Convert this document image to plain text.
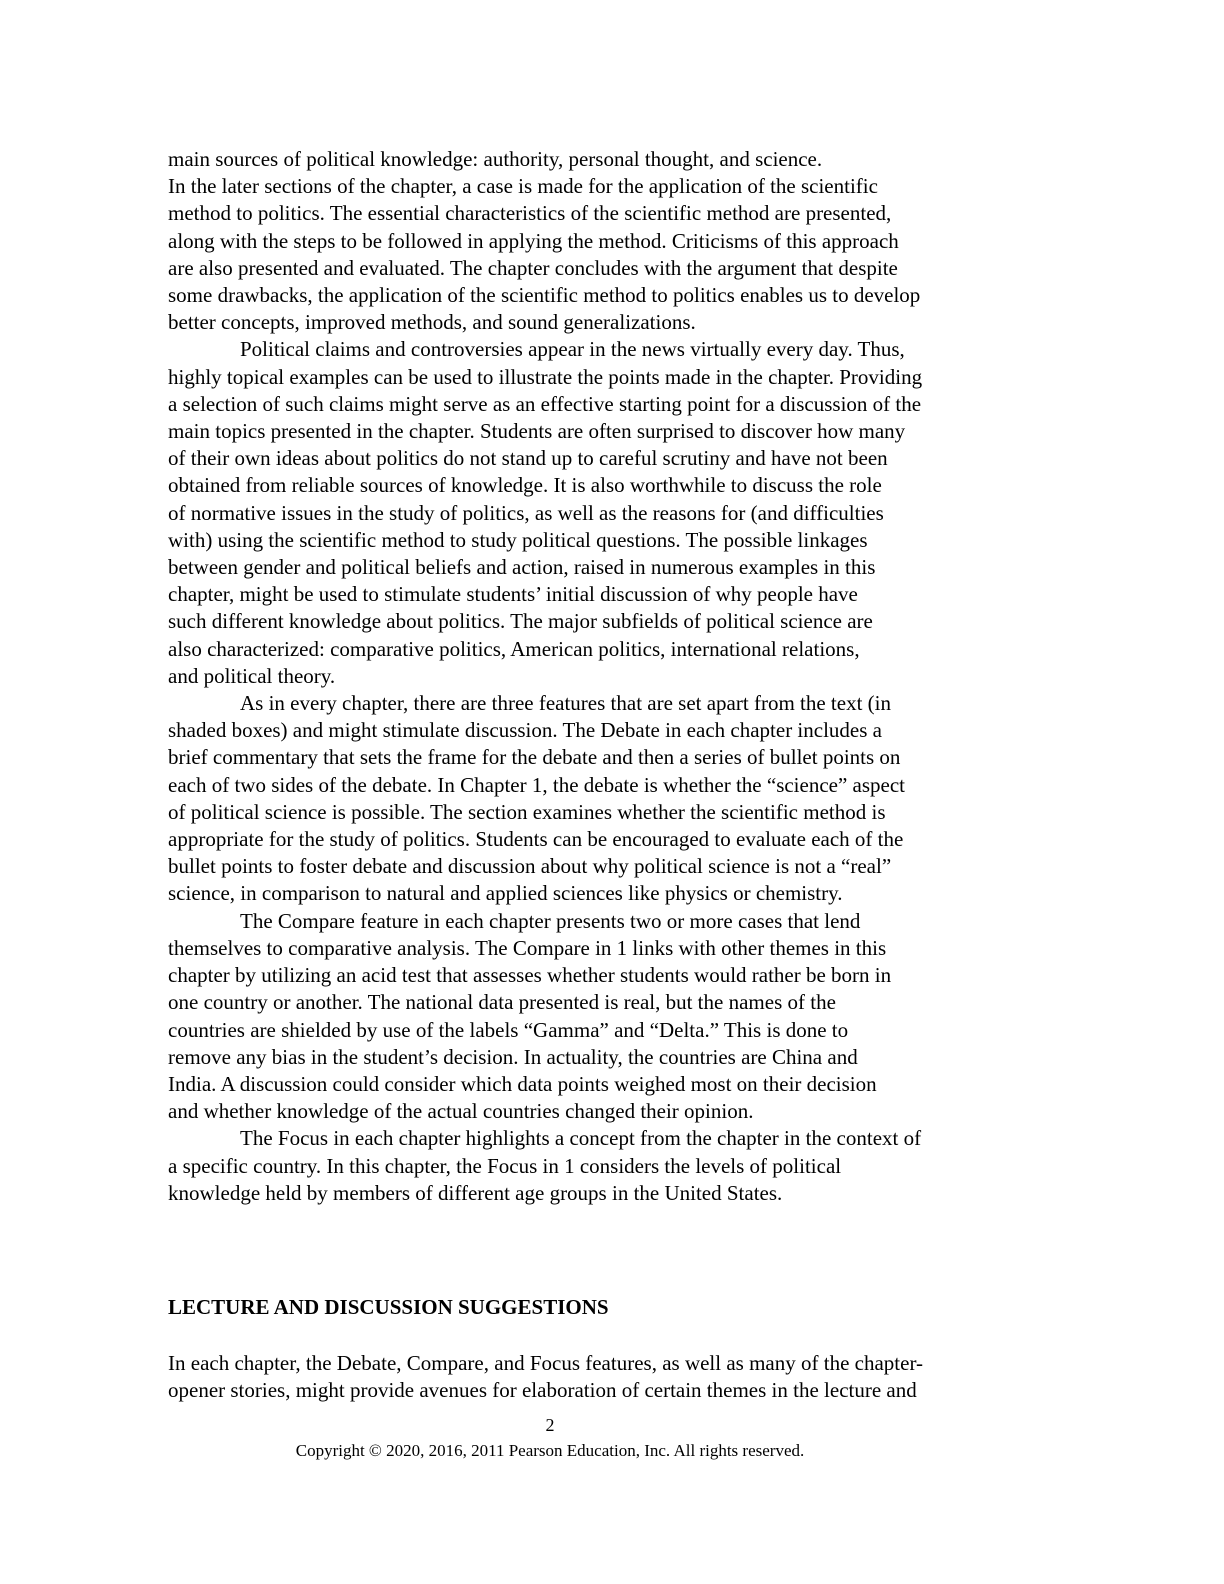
main sources of political knowledge: authority, personal thought, and science.
In the later sections of the chapter, a case is made for the application of the scientific
method to politics. The essential characteristics of the scientific method are presented,
along with the steps to be followed in applying the method. Criticisms of this approach
are also presented and evaluated. The chapter concludes with the argument that despite
some drawbacks, the application of the scientific method to politics enables us to develop
better concepts, improved methods, and sound generalizations.
Political claims and controversies appear in the news virtually every day. Thus,
highly topical examples can be used to illustrate the points made in the chapter. Providing
a selection of such claims might serve as an effective starting point for a discussion of the
main topics presented in the chapter. Students are often surprised to discover how many
of their own ideas about politics do not stand up to careful scrutiny and have not been
obtained from reliable sources of knowledge. It is also worthwhile to discuss the role
of normative issues in the study of politics, as well as the reasons for (and difficulties
with) using the scientific method to study political questions. The possible linkages
between gender and political beliefs and action, raised in numerous examples in this
chapter, might be used to stimulate students’ initial discussion of why people have
such different knowledge about politics. The major subfields of political science are
also characterized: comparative politics, American politics, international relations,
and political theory.
As in every chapter, there are three features that are set apart from the text (in
shaded boxes) and might stimulate discussion. The Debate in each chapter includes a
brief commentary that sets the frame for the debate and then a series of bullet points on
each of two sides of the debate. In Chapter 1, the debate is whether the “science” aspect
of political science is possible. The section examines whether the scientific method is
appropriate for the study of politics. Students can be encouraged to evaluate each of the
bullet points to foster debate and discussion about why political science is not a “real”
science, in comparison to natural and applied sciences like physics or chemistry.
The Compare feature in each chapter presents two or more cases that lend
themselves to comparative analysis. The Compare in 1 links with other themes in this
chapter by utilizing an acid test that assesses whether students would rather be born in
one country or another. The national data presented is real, but the names of the
countries are shielded by use of the labels “Gamma” and “Delta.” This is done to
remove any bias in the student’s decision. In actuality, the countries are China and
India. A discussion could consider which data points weighed most on their decision
and whether knowledge of the actual countries changed their opinion.
The Focus in each chapter highlights a concept from the chapter in the context of
a specific country. In this chapter, the Focus in 1 considers the levels of political
knowledge held by members of different age groups in the United States.
LECTURE AND DISCUSSION SUGGESTIONS
In each chapter, the Debate, Compare, and Focus features, as well as many of the chapter-
opener stories, might provide avenues for elaboration of certain themes in the lecture and
2
Copyright © 2020, 2016, 2011 Pearson Education, Inc. All rights reserved.
